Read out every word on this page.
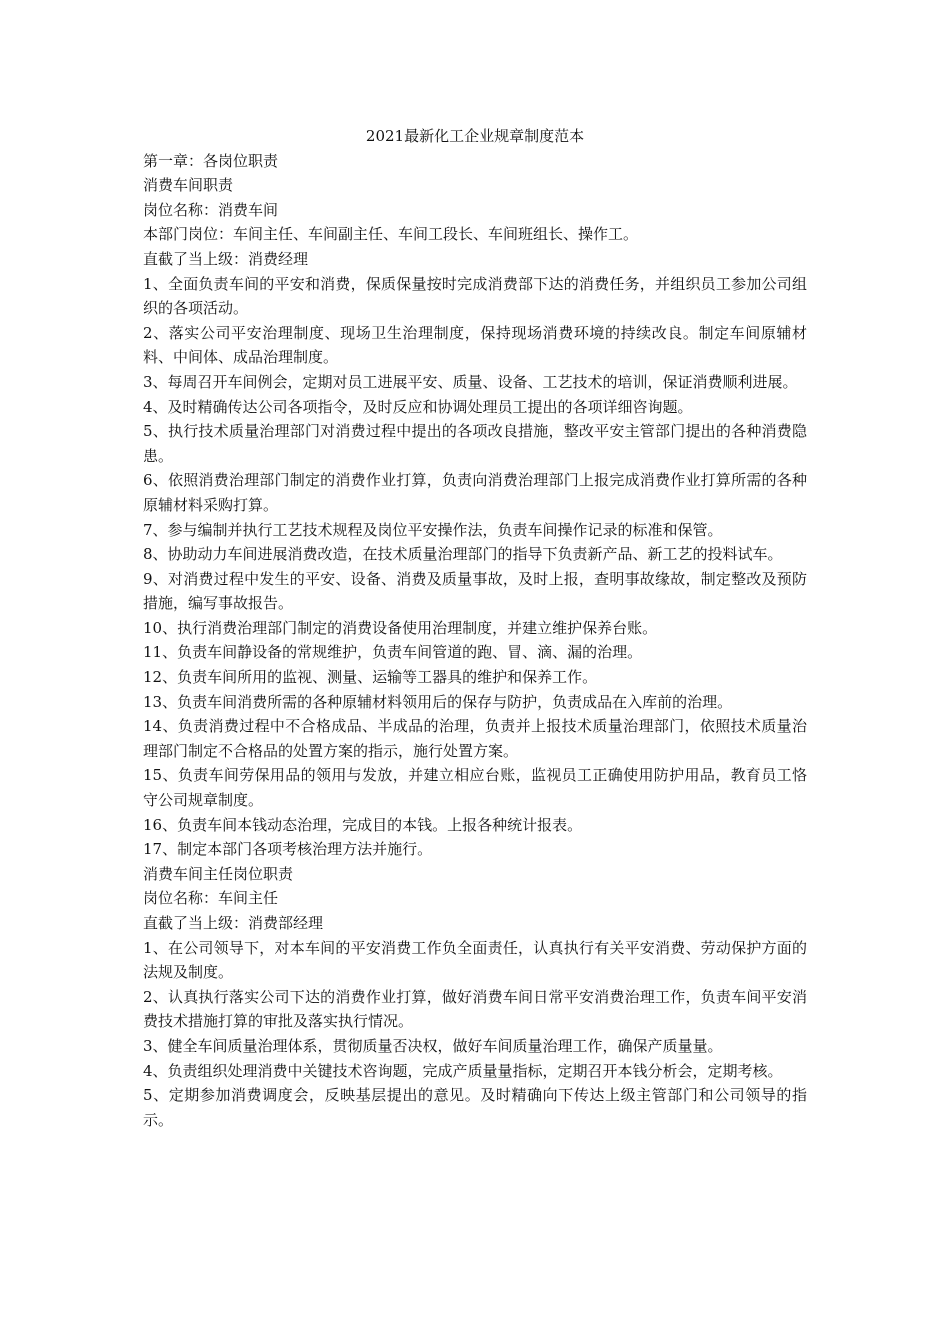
2021最新化工企业规章制度范本

第一章：各岗位职责

消费车间职责

岗位名称：消费车间

本部门岗位：车间主任、车间副主任、车间工段长、车间班组长、操作工。

直截了当上级：消费经理

1、全面负责车间的平安和消费，保质保量按时完成消费部下达的消费任务，并组织员工参加公司组织的各项活动。

2、落实公司平安治理制度、现场卫生治理制度，保持现场消费环境的持续改良。制定车间原辅材料、中间体、成品治理制度。

3、每周召开车间例会，定期对员工进展平安、质量、设备、工艺技术的培训，保证消费顺利进展。

4、及时精确传达公司各项指令，及时反应和协调处理员工提出的各项详细咨询题。

5、执行技术质量治理部门对消费过程中提出的各项改良措施，整改平安主管部门提出的各种消费隐患。

6、依照消费治理部门制定的消费作业打算，负责向消费治理部门上报完成消费作业打算所需的各种原辅材料采购打算。

7、参与编制并执行工艺技术规程及岗位平安操作法，负责车间操作记录的标准和保管。

8、协助动力车间进展消费改造，在技术质量治理部门的指导下负责新产品、新工艺的投料试车。

9、对消费过程中发生的平安、设备、消费及质量事故，及时上报，查明事故缘故，制定整改及预防措施，编写事故报告。

10、执行消费治理部门制定的消费设备使用治理制度，并建立维护保养台账。

11、负责车间静设备的常规维护，负责车间管道的跑、冒、滴、漏的治理。

12、负责车间所用的监视、测量、运输等工器具的维护和保养工作。

13、负责车间消费所需的各种原辅材料领用后的保存与防护，负责成品在入库前的治理。

14、负责消费过程中不合格成品、半成品的治理，负责并上报技术质量治理部门，依照技术质量治理部门制定不合格品的处置方案的指示，施行处置方案。

15、负责车间劳保用品的领用与发放，并建立相应台账，监视员工正确使用防护用品，教育员工恪守公司规章制度。

16、负责车间本钱动态治理，完成目的本钱。上报各种统计报表。

17、制定本部门各项考核治理方法并施行。

消费车间主任岗位职责

岗位名称：车间主任

直截了当上级：消费部经理

1、在公司领导下，对本车间的平安消费工作负全面责任，认真执行有关平安消费、劳动保护方面的法规及制度。

2、认真执行落实公司下达的消费作业打算，做好消费车间日常平安消费治理工作，负责车间平安消费技术措施打算的审批及落实执行情况。

3、健全车间质量治理体系，贯彻质量否决权，做好车间质量治理工作，确保产质量量。

4、负责组织处理消费中关键技术咨询题，完成产质量量指标，定期召开本钱分析会，定期考核。

5、定期参加消费调度会，反映基层提出的意见。及时精确向下传达上级主管部门和公司领导的指示。
